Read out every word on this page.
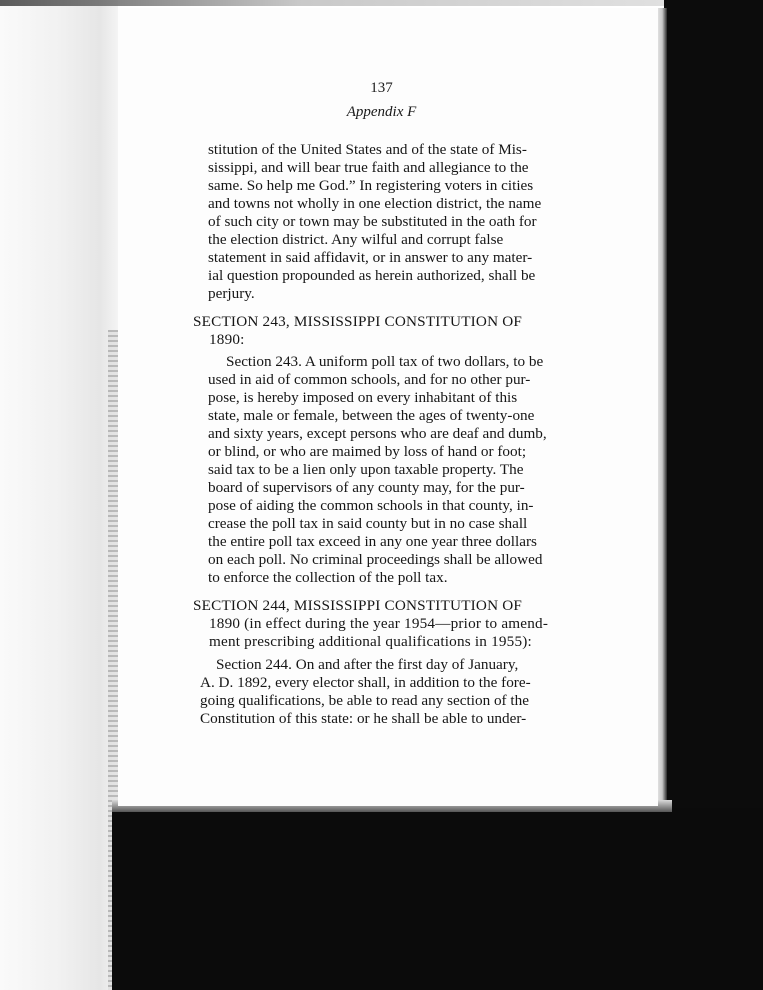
137
Appendix F
stitution of the United States and of the state of Mis-
sissippi, and will bear true faith and allegiance to the
same. So help me God.” In registering voters in cities
and towns not wholly in one election district, the name
of such city or town may be substituted in the oath for
the election district. Any wilful and corrupt false
statement in said affidavit, or in answer to any mater-
ial question propounded as herein authorized, shall be
perjury.
SECTION 243, MISSISSIPPI CONSTITUTION OF
1890:
Section 243. A uniform poll tax of two dollars, to be
used in aid of common schools, and for no other pur-
pose, is hereby imposed on every inhabitant of this
state, male or female, between the ages of twenty-one
and sixty years, except persons who are deaf and dumb,
or blind, or who are maimed by loss of hand or foot;
said tax to be a lien only upon taxable property. The
board of supervisors of any county may, for the pur-
pose of aiding the common schools in that county, in-
crease the poll tax in said county but in no case shall
the entire poll tax exceed in any one year three dollars
on each poll. No criminal proceedings shall be allowed
to enforce the collection of the poll tax.
SECTION 244, MISSISSIPPI CONSTITUTION OF
1890 (in effect during the year 1954—prior to amend-
ment prescribing additional qualifications in 1955):
Section 244. On and after the first day of January,
A. D. 1892, every elector shall, in addition to the fore-
going qualifications, be able to read any section of the
Constitution of this state: or he shall be able to under-
